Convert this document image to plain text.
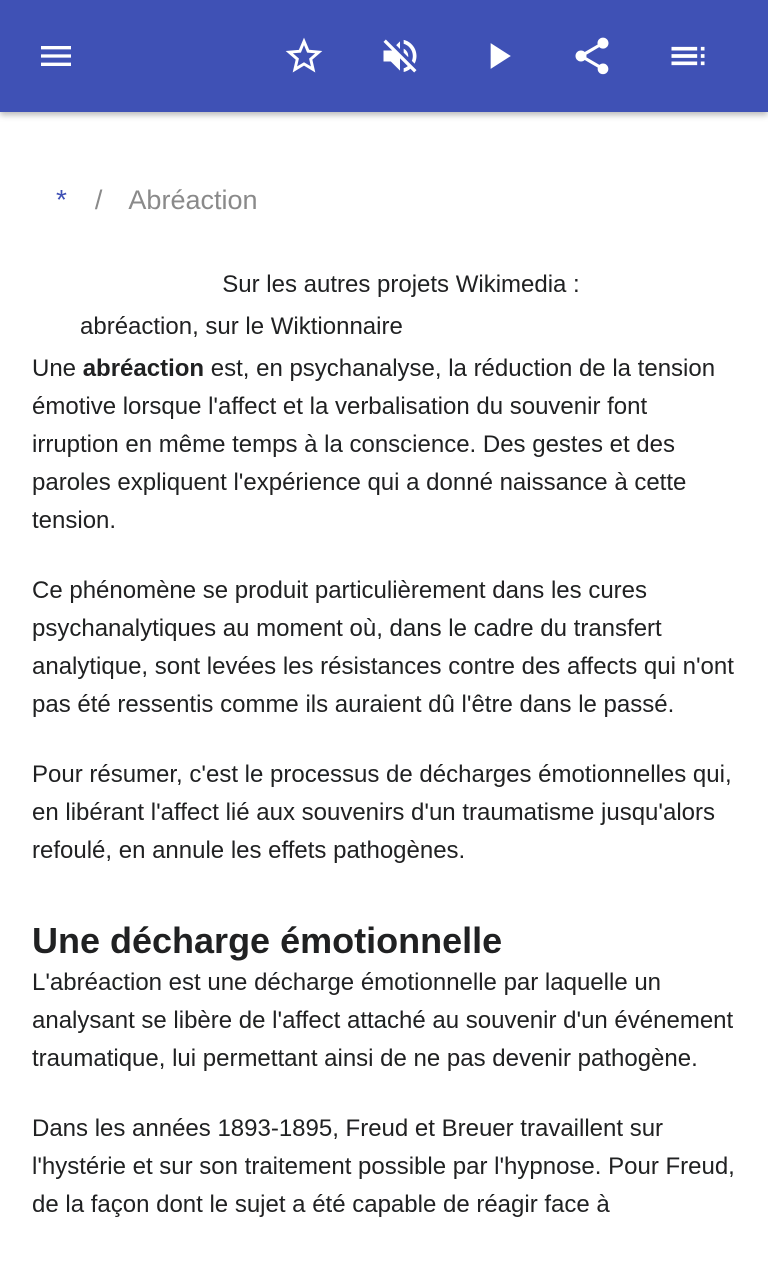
* / Abréaction
Sur les autres projets Wikimedia :
abréaction, sur le Wiktionnaire

Une abréaction est, en psychanalyse, la réduction de la tension émotive lorsque l'affect et la verbalisation du souvenir font irruption en même temps à la conscience. Des gestes et des paroles expliquent l'expérience qui a donné naissance à cette tension.

Ce phénomène se produit particulièrement dans les cures psychanalytiques au moment où, dans le cadre du transfert analytique, sont levées les résistances contre des affects qui n'ont pas été ressentis comme ils auraient dû l'être dans le passé.

Pour résumer, c'est le processus de décharges émotionnelles qui, en libérant l'affect lié aux souvenirs d'un traumatisme jusqu'alors refoulé, en annule les effets pathogènes.

Une décharge émotionnelle

L'abréaction est une décharge émotionnelle par laquelle un analysant se libère de l'affect attaché au souvenir d'un événement traumatique, lui permettant ainsi de ne pas devenir pathogène.

Dans les années 1893-1895, Freud et Breuer travaillent sur l'hystérie et sur son traitement possible par l'hypnose. Pour Freud, de la façon dont le sujet a été capable de réagir face à
